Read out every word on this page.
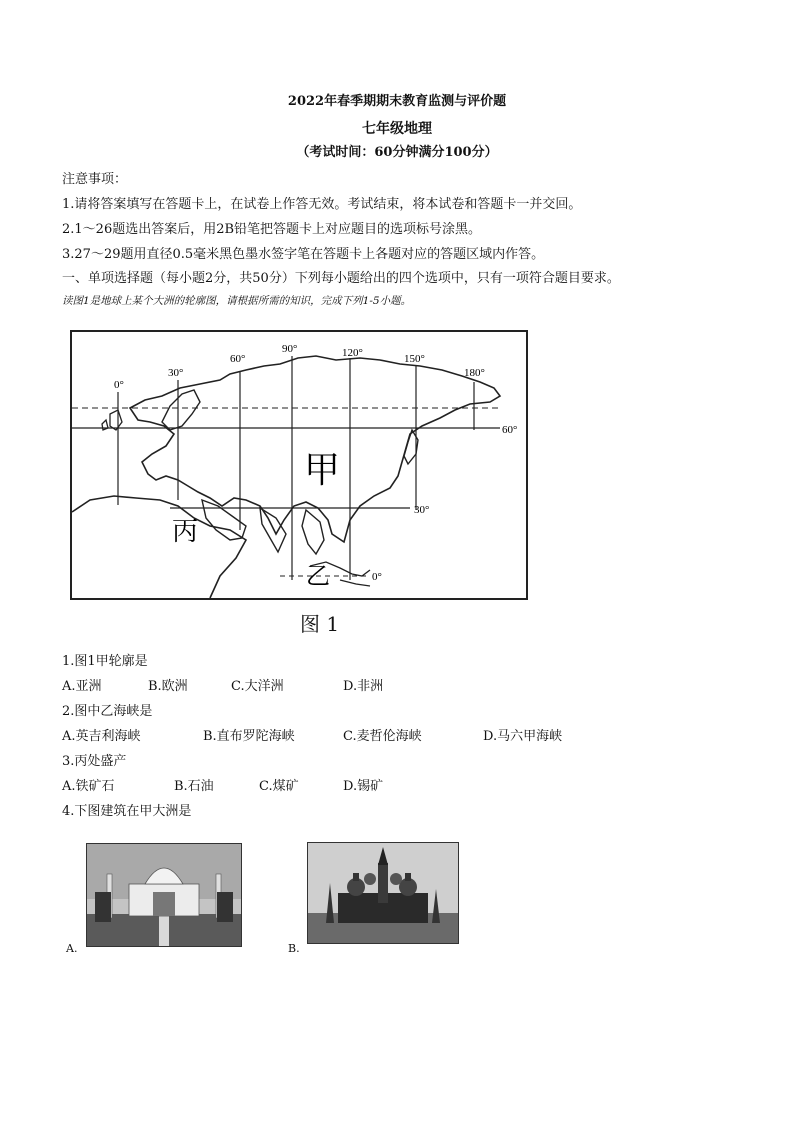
2022年春季期期末教育监测与评价题
七年级地理
（考试时间：60分钟满分100分）
注意事项：
1.请将答案填写在答题卡上，在试卷上作答无效。考试结束，将本试卷和答题卡一并交回。
2.1～26题选出答案后，用2B铅笔把答题卡上对应题目的选项标号涂黑。
3.27～29题用直径0.5毫米黑色墨水签字笔在答题卡上各题对应的答题区域内作答。
一、单项选择题（每小题2分，共50分）下列每小题给出的四个选项中，只有一项符合题目要求。
读图1是地球上某个大洲的轮廓图，请根据所需的知识，完成下列1-5小题。
0°
30°
60°
90°	120°	150°
180°
60°
30°
0°
甲
丙
乙
图 1
1.图1甲轮廓是
A.亚洲	B.欧洲	C.大洋洲	D.非洲
2.图中乙海峡是
A.英吉利海峡	B.直布罗陀海峡	C.麦哲伦海峡	D.马六甲海峡
3.丙处盛产
A.铁矿石	B.石油	C.煤矿	D.锡矿
4.下图建筑在甲大洲是
A.	B.
